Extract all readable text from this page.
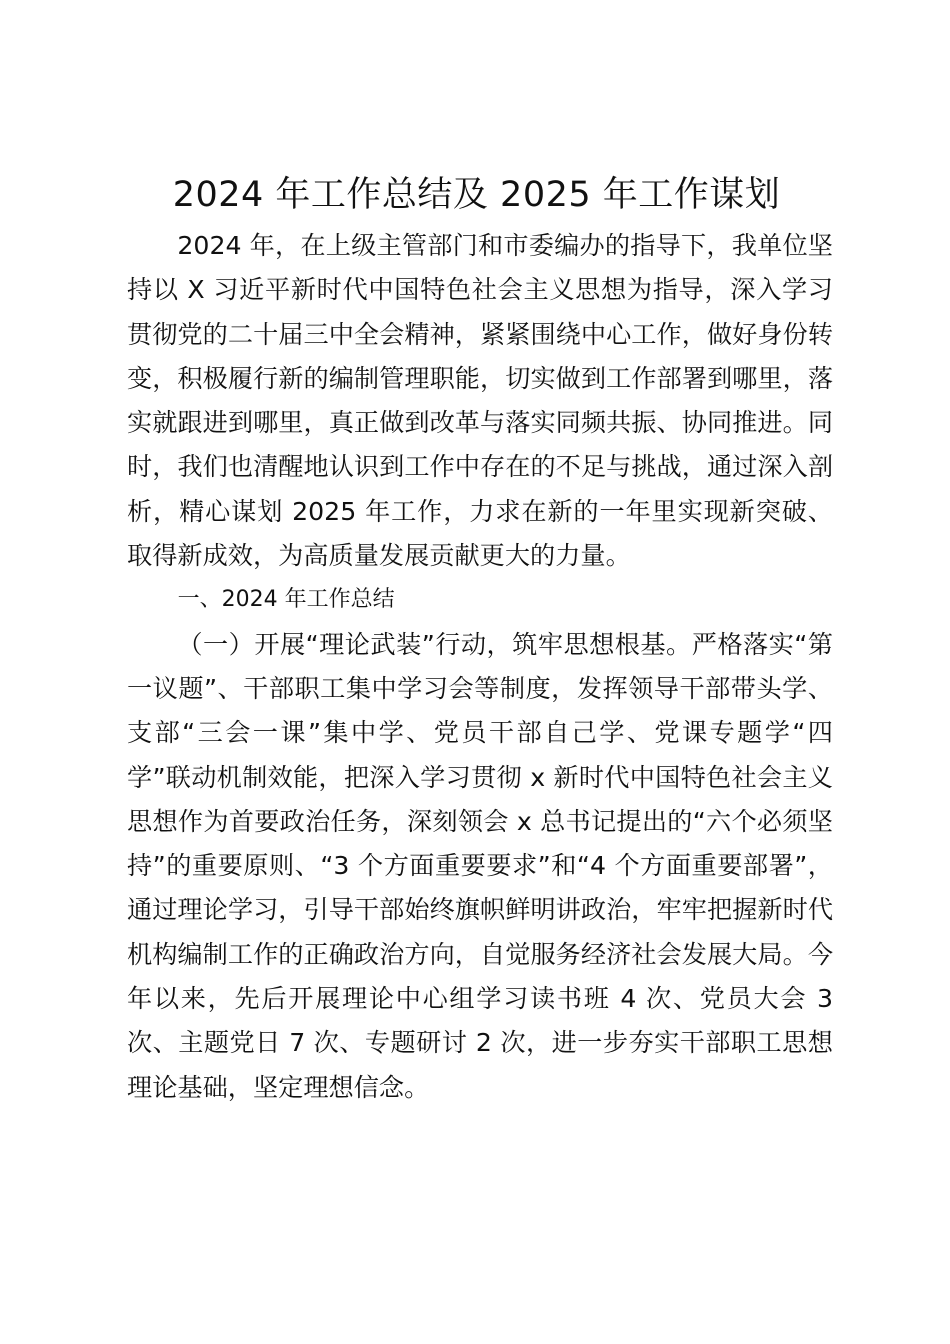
2024 年工作总结及 2025 年工作谋划

2024 年，在上级主管部门和市委编办的指导下，我单位坚持以 X 习近平新时代中国特色社会主义思想为指导，深入学习贯彻党的二十届三中全会精神，紧紧围绕中心工作，做好身份转变，积极履行新的编制管理职能，切实做到工作部署到哪里，落实就跟进到哪里，真正做到改革与落实同频共振、协同推进。同时，我们也清醒地认识到工作中存在的不足与挑战，通过深入剖析，精心谋划 2025 年工作，力求在新的一年里实现新突破、取得新成效，为高质量发展贡献更大的力量。

一、2024 年工作总结

（一）开展“理论武装”行动，筑牢思想根基。严格落实“第一议题”、干部职工集中学习会等制度，发挥领导干部带头学、支部“三会一课”集中学、党员干部自己学、党课专题学“四学”联动机制效能，把深入学习贯彻 x 新时代中国特色社会主义思想作为首要政治任务，深刻领会 x 总书记提出的“六个必须坚持”的重要原则、“3 个方面重要要求”和“4 个方面重要部署”，通过理论学习，引导干部始终旗帜鲜明讲政治，牢牢把握新时代机构编制工作的正确政治方向，自觉服务经济社会发展大局。今年以来，先后开展理论中心组学习读书班 4 次、党员大会 3 次、主题党日 7 次、专题研讨 2 次，进一步夯实干部职工思想理论基础，坚定理想信念。
